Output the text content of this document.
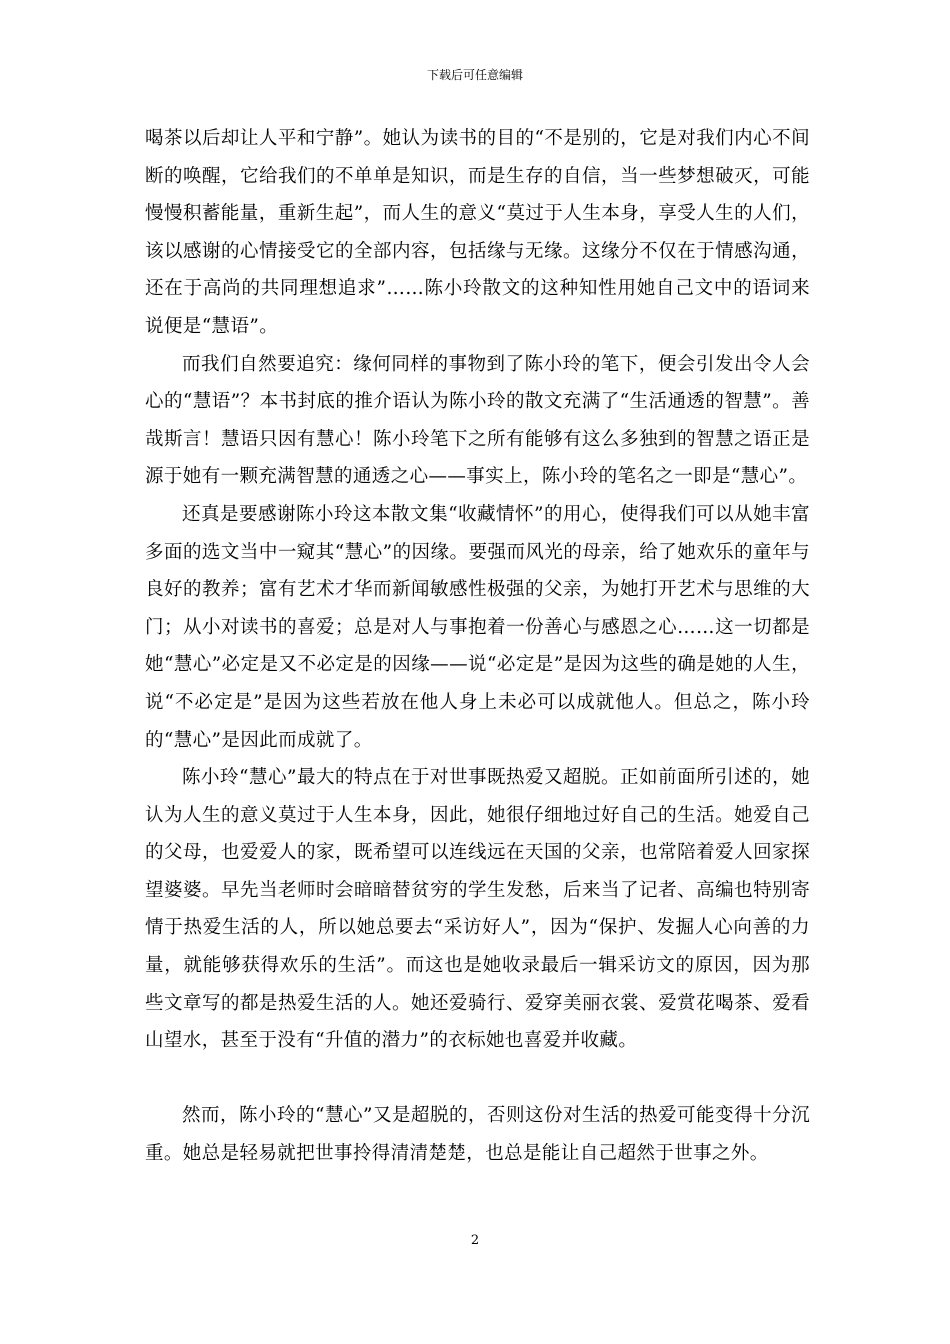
下载后可任意编辑

喝茶以后却让人平和宁静”。她认为读书的目的“不是别的，它是对我们内心不间断的唤醒，它给我们的不单单是知识，而是生存的自信，当一些梦想破灭，可能慢慢积蓄能量，重新生起”，而人生的意义“莫过于人生本身，享受人生的人们，该以感谢的心情接受它的全部内容，包括缘与无缘。这缘分不仅在于情感沟通，还在于高尚的共同理想追求”……陈小玲散文的这种知性用她自己文中的语词来说便是“慧语”。

而我们自然要追究：缘何同样的事物到了陈小玲的笔下，便会引发出令人会心的“慧语”？本书封底的推介语认为陈小玲的散文充满了“生活通透的智慧”。善哉斯言！慧语只因有慧心！陈小玲笔下之所有能够有这么多独到的智慧之语正是源于她有一颗充满智慧的通透之心——事实上，陈小玲的笔名之一即是“慧心”。

还真是要感谢陈小玲这本散文集“收藏情怀”的用心，使得我们可以从她丰富多面的选文当中一窥其“慧心”的因缘。要强而风光的母亲，给了她欢乐的童年与良好的教养；富有艺术才华而新闻敏感性极强的父亲，为她打开艺术与思维的大门；从小对读书的喜爱；总是对人与事抱着一份善心与感恩之心……这一切都是她“慧心”必定是又不必定是的因缘——说“必定是”是因为这些的确是她的人生，说“不必定是”是因为这些若放在他人身上未必可以成就他人。但总之，陈小玲的“慧心”是因此而成就了。

陈小玲“慧心”最大的特点在于对世事既热爱又超脱。正如前面所引述的，她认为人生的意义莫过于人生本身，因此，她很仔细地过好自己的生活。她爱自己的父母，也爱爱人的家，既希望可以连线远在天国的父亲，也常陪着爱人回家探望婆婆。早先当老师时会暗暗替贫穷的学生发愁，后来当了记者、高编也特别寄情于热爱生活的人，所以她总要去“采访好人”，因为“保护、发掘人心向善的力量，就能够获得欢乐的生活”。而这也是她收录最后一辑采访文的原因，因为那些文章写的都是热爱生活的人。她还爱骑行、爱穿美丽衣裳、爱赏花喝茶、爱看山望水，甚至于没有“升值的潜力”的衣标她也喜爱并收藏。

然而，陈小玲的“慧心”又是超脱的，否则这份对生活的热爱可能变得十分沉重。她总是轻易就把世事拎得清清楚楚，也总是能让自己超然于世事之外。

2
